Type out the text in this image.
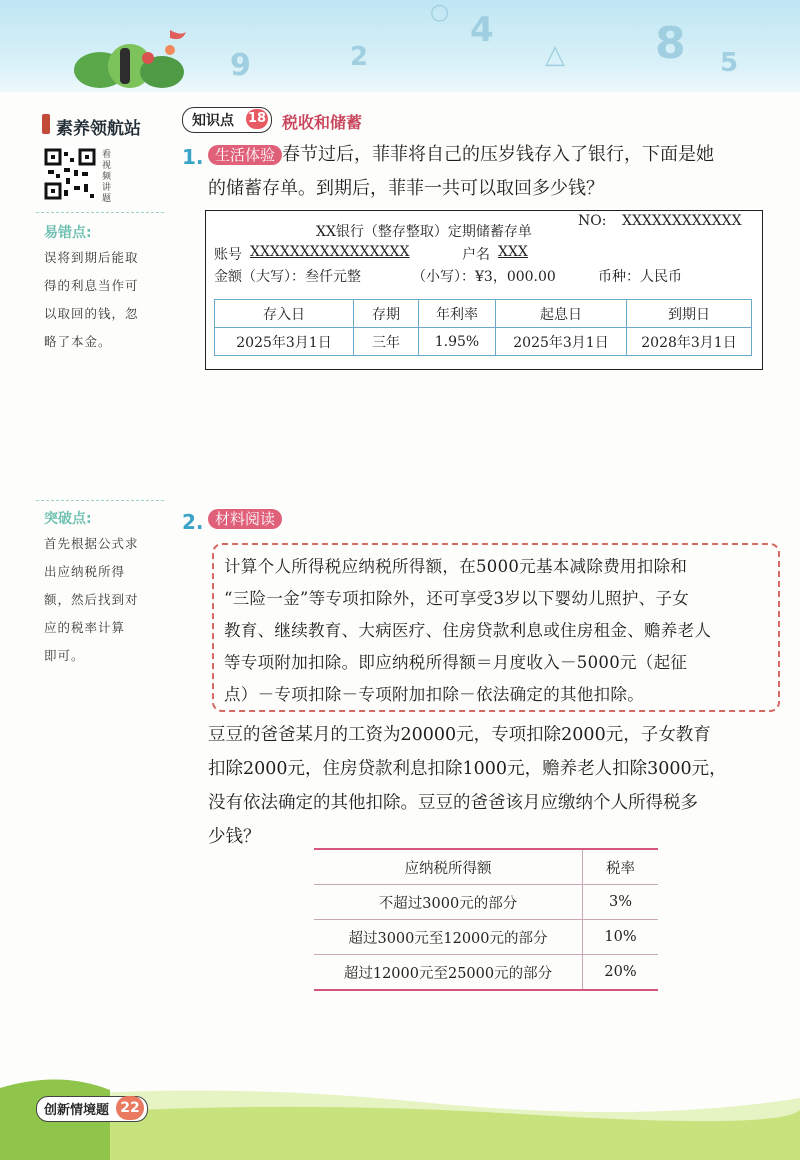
4	8
2
9	5
△
○
素养领航站
看视频讲题
易错点:
误将到期后能取
得的利息当作可
以取回的钱，忽
略了本金。
突破点:
首先根据公式求
出应纳税所得
额，然后找到对
应的税率计算
即可。
知识点 18 税收和储蓄
1. 生活体验 春节过后，菲菲将自己的压岁钱存入了银行，下面是她
的储蓄存单。到期后，菲菲一共可以取回多少钱？
XX银行（整存整取）定期储蓄存单
NO: XXXXXXXXXXXX
账号 XXXXXXXXXXXXXXXX	户名 XXX
金额（大写）：叁仟元整	（小写）：¥3，000.00	币种：人民币
存入日	存期	年利率	起息日	到期日
2025年3月1日	三年	1.95%	2025年3月1日	2028年3月1日
2. 材料阅读
计算个人所得税应纳税所得额，在5000元基本减除费用扣除和
“三险一金”等专项扣除外，还可享受3岁以下婴幼儿照护、子女
教育、继续教育、大病医疗、住房贷款利息或住房租金、赡养老人
等专项附加扣除。即应纳税所得额＝月度收入－5000元（起征
点）－专项扣除－专项附加扣除－依法确定的其他扣除。
豆豆的爸爸某月的工资为20000元，专项扣除2000元，子女教育
扣除2000元，住房贷款利息扣除1000元，赡养老人扣除3000元，
没有依法确定的其他扣除。豆豆的爸爸该月应缴纳个人所得税多
少钱？
应纳税所得额	税率
不超过3000元的部分	3%
超过3000元至12000元的部分	10%
超过12000元至25000元的部分	20%
创新情境题 22
